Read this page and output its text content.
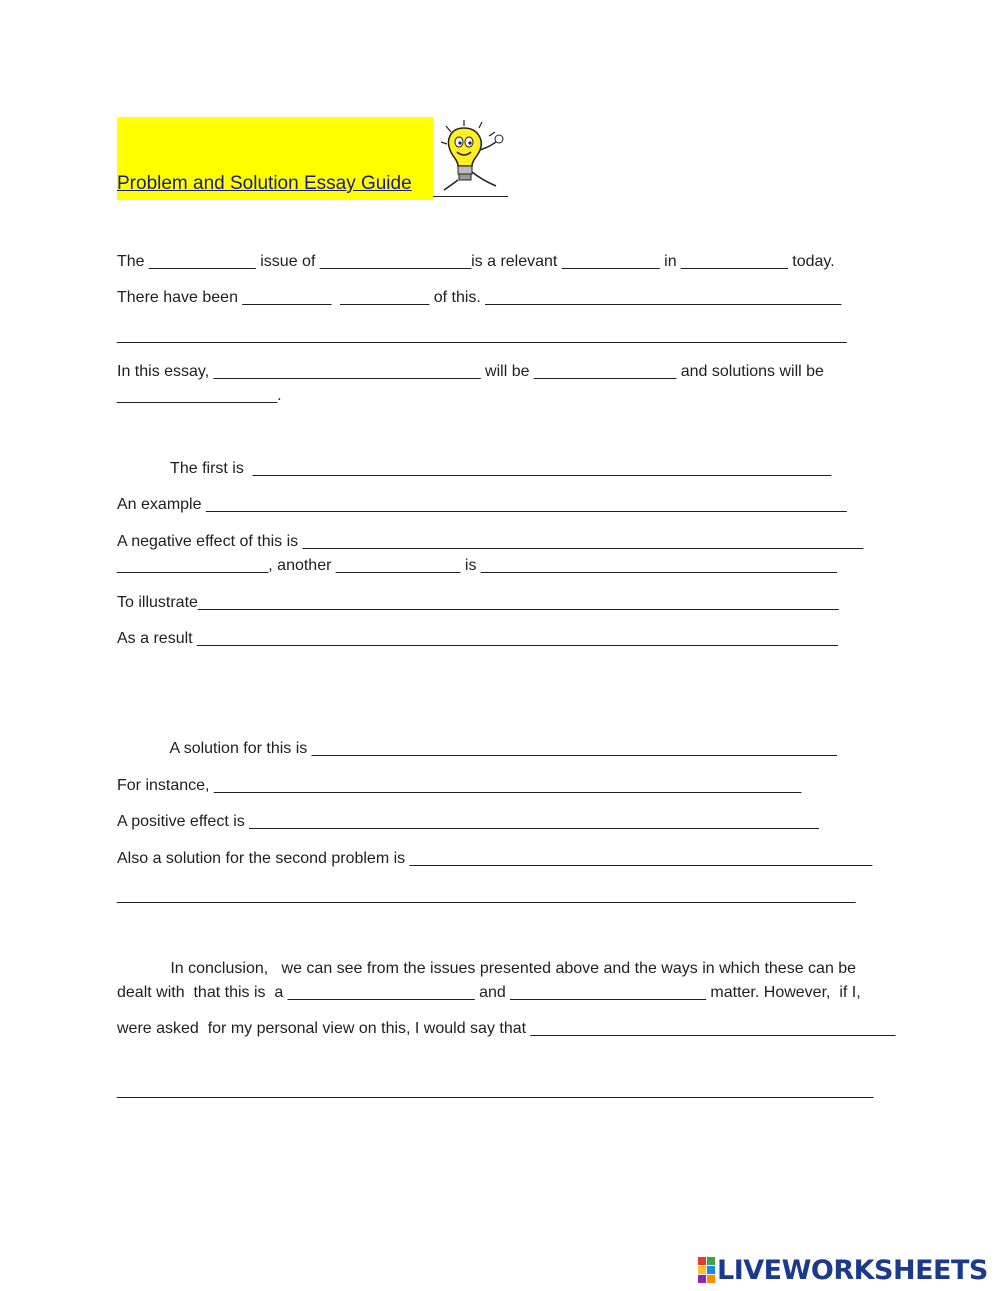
Problem and Solution Essay Guide

The ____________ issue of _________________is a relevant ___________ in ____________ today.

There have been __________  __________ of this. ________________________________________

__________________________________________________________________________________

In this essay, ______________________________ will be ________________ and solutions will be

__________________.

The first is  _________________________________________________________________

An example ________________________________________________________________________

A negative effect of this is _______________________________________________________________

_________________, another ______________ is ________________________________________

To illustrate________________________________________________________________________

As a result ________________________________________________________________________

A solution for this is ___________________________________________________________

For instance, __________________________________________________________________

A positive effect is ________________________________________________________________

Also a solution for the second problem is ____________________________________________________

___________________________________________________________________________________

In conclusion,   we can see from the issues presented above and the ways in which these can be

dealt with  that this is  a _____________________ and ______________________ matter. However,  if I,

were asked  for my personal view on this, I would say that _________________________________________

_____________________________________________________________________________________

LIVEWORKSHEETS
